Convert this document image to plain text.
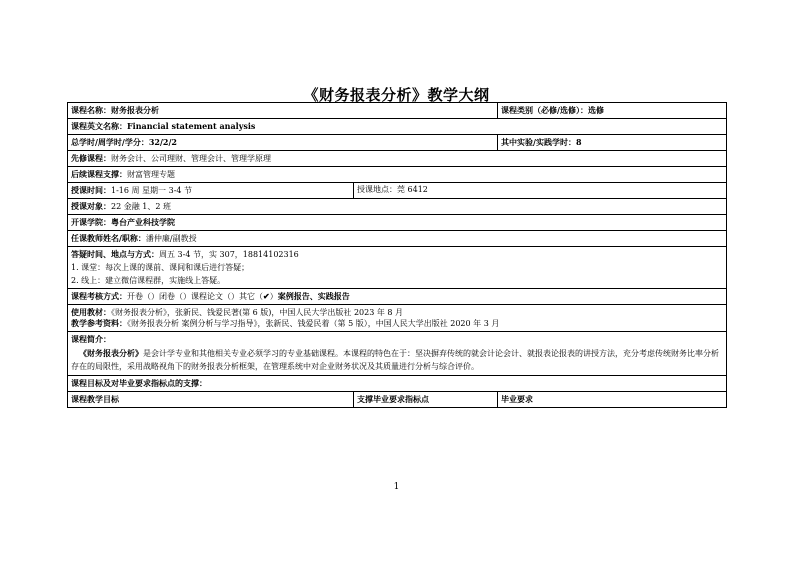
《财务报表分析》教学大纲
课程名称：财务报表分析		课程类别（必修/选修）：选修
课程英文名称：Financial statement analysis		
总学时/周学时/学分：32/2/2		其中实验/实践学时：8
先修课程：财务会计、公司理财、管理会计、管理学原理		
后续课程支撑：财富管理专题		
授课时间：1-16 周 星期一 3-4 节	授课地点：莞 6412	
授课对象：22 金融 1、2 班		
开课学院：粤台产业科技学院		
任课教师姓名/职称：潘仲廉/副教授		

答疑时间、地点与方式：周五 3-4 节，实 307，18814102316
1. 课堂：每次上课的课前、课间和课后进行答疑；
2. 线上：建立微信课程群，实施线上答疑。		

课程考核方式：开卷（）闭卷（）课程论文（）其它（✔）案例报告、实践报告		

使用教材：《财务报表分析》，张新民、钱爱民著(第 6 版)，中国人民大学出版社 2023 年 8 月
教学参考资料：《财务报表分析 案例分析与学习指导》，张新民、钱爱民着（第 5 版），中国人民大学出版社 2020 年 3 月		

课程简介：
《财务报表分析》是会计学专业和其他相关专业必须学习的专业基础课程。本课程的特色在于：坚决摒弃传统的就会计论会计、就报表论报表的讲授方法，充分考虑传统财务比率分析存在的局限性，采用战略视角下的财务报表分析框架，在管理系统中对企业财务状况及其质量进行分析与综合评价。		

课程目标及对毕业要求指标点的支撑：		
课程教学目标	支撑毕业要求指标点	毕业要求
1
